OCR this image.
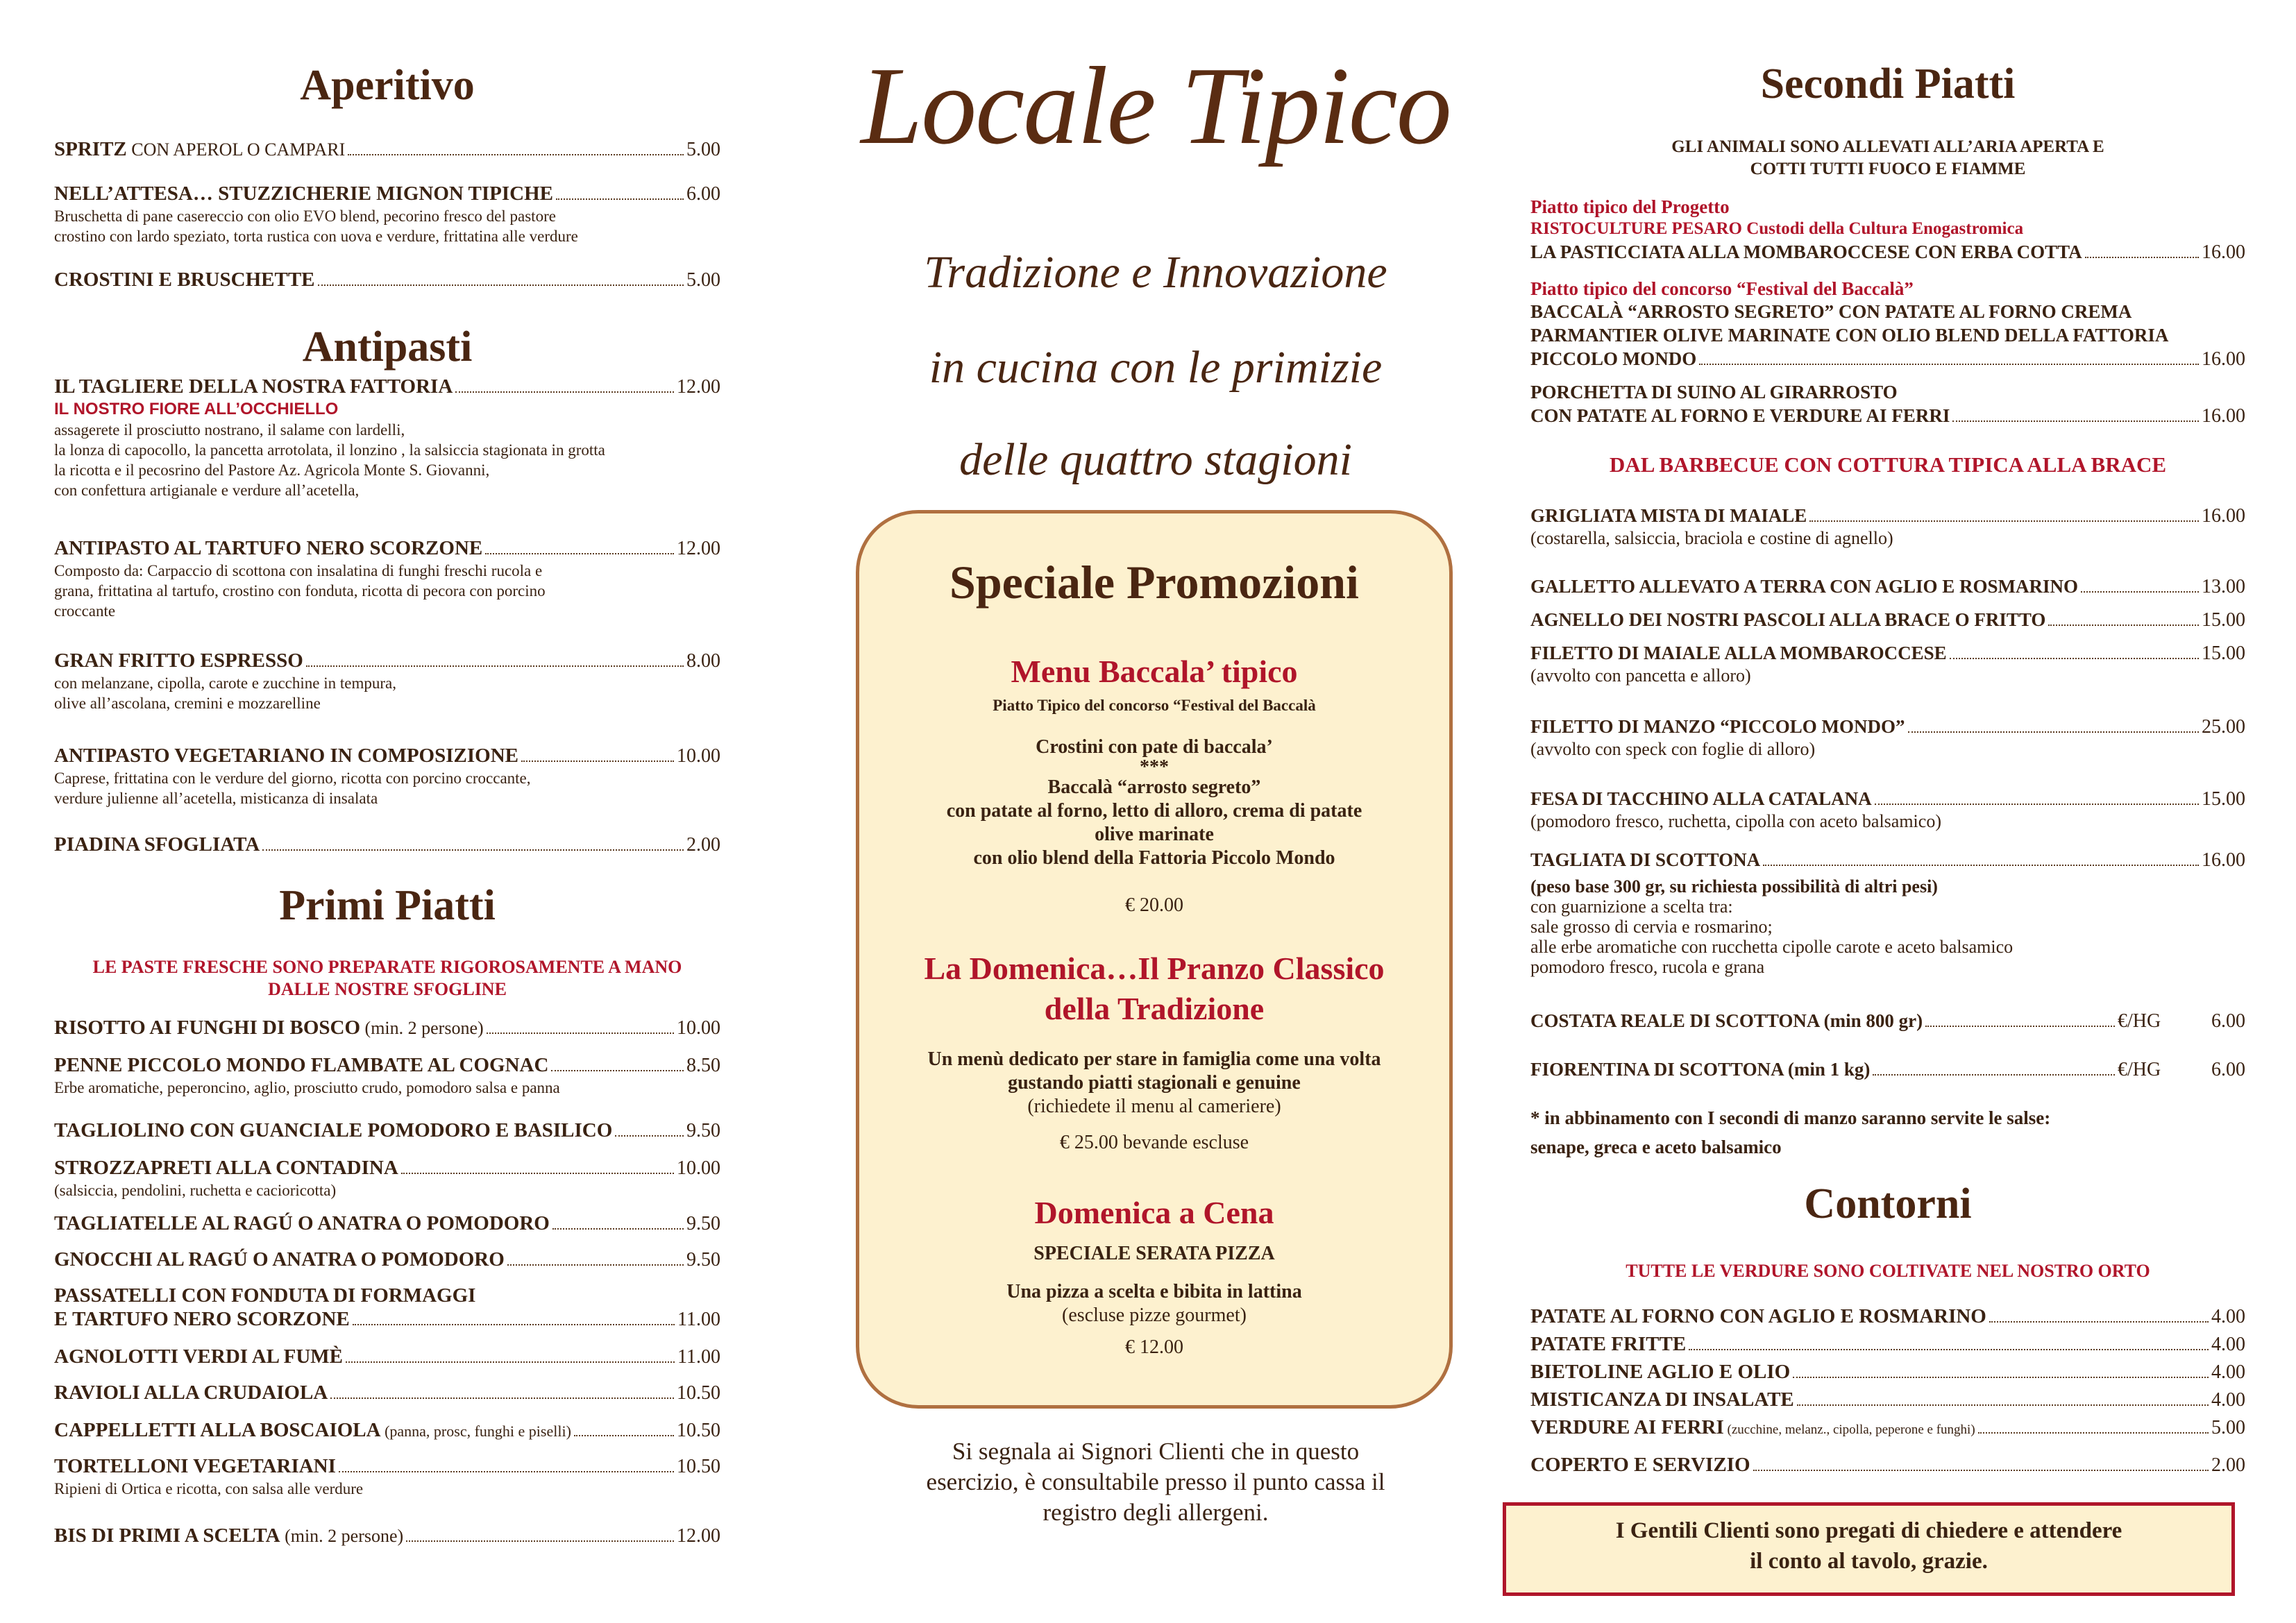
Aperitivo
SPRITZ CON APEROL O CAMPARI	5.00
NELL’ATTESA… STUZZICHERIE MIGNON TIPICHE	6.00
Bruschetta di pane casereccio con olio EVO blend, pecorino fresco del pastore
crostino con lardo speziato, torta rustica con uova e verdure, frittatina alle verdure
CROSTINI E BRUSCHETTE	5.00
Antipasti
IL TAGLIERE DELLA NOSTRA FATTORIA	12.00
IL NOSTRO FIORE ALL’OCCHIELLO
assagerete il prosciutto nostrano, il salame con lardelli,
la lonza di capocollo, la pancetta arrotolata, il lonzino , la salsiccia stagionata in grotta
la ricotta e il pecosrino del Pastore Az. Agricola Monte S. Giovanni,
con confettura artigianale e verdure all’acetella,
ANTIPASTO AL TARTUFO NERO SCORZONE	12.00
Composto da: Carpaccio di scottona con insalatina di funghi freschi rucola e
grana, frittatina al tartufo, crostino con fonduta, ricotta di pecora con porcino
croccante
GRAN FRITTO ESPRESSO	8.00
con melanzane, cipolla, carote e zucchine in tempura,
olive all’ascolana, cremini e mozzarelline
ANTIPASTO VEGETARIANO IN COMPOSIZIONE	10.00
Caprese, frittatina con le verdure del giorno, ricotta con porcino croccante,
verdure julienne all’acetella, misticanza di insalata
PIADINA SFOGLIATA	2.00
Primi Piatti
LE PASTE FRESCHE SONO PREPARATE RIGOROSAMENTE A MANO
DALLE NOSTRE SFOGLINE
RISOTTO AI FUNGHI DI BOSCO (min. 2 persone)	10.00
PENNE PICCOLO MONDO FLAMBATE AL COGNAC	8.50
Erbe aromatiche, peperoncino, aglio, prosciutto crudo, pomodoro salsa e panna
TAGLIOLINO CON GUANCIALE POMODORO E BASILICO	9.50
STROZZAPRETI ALLA CONTADINA	10.00
(salsiccia, pendolini, ruchetta e cacioricotta)
TAGLIATELLE AL RAGÚ O ANATRA O POMODORO	9.50
GNOCCHI AL RAGÚ O ANATRA O POMODORO	9.50
PASSATELLI CON FONDUTA DI FORMAGGI
E TARTUFO NERO SCORZONE	11.00
AGNOLOTTI VERDI AL FUMÈ	11.00
RAVIOLI ALLA CRUDAIOLA	10.50
CAPPELLETTI ALLA BOSCAIOLA (panna, prosc, funghi e piselli)	10.50
TORTELLONI VEGETARIANI	10.50
Ripieni di Ortica e ricotta, con salsa alle verdure
BIS DI PRIMI A SCELTA (min. 2 persone)	12.00
Locale Tipico
Tradizione e Innovazione
in cucina con le primizie
delle quattro stagioni
Speciale Promozioni
Menu Baccala’ tipico
Piatto Tipico del concorso “Festival del Baccalà
Crostini con pate di baccala’
***
Baccalà “arrosto segreto”
con patate al forno, letto di alloro, crema di patate
olive marinate
con olio blend della Fattoria Piccolo Mondo
€ 20.00
La Domenica…Il Pranzo Classico
della Tradizione
Un menù dedicato per stare in famiglia come una volta
gustando piatti stagionali e genuine
(richiedete il menu al cameriere)
€ 25.00 bevande escluse
Domenica a Cena
SPECIALE SERATA PIZZA
Una pizza a scelta e bibita in lattina
(escluse pizze gourmet)
€ 12.00
Si segnala ai Signori Clienti che in questo
esercizio, è consultabile presso il punto cassa il
registro degli allergeni.
Secondi Piatti
GLI ANIMALI SONO ALLEVATI ALL’ARIA APERTA E
COTTI TUTTI FUOCO E FIAMME
Piatto tipico del Progetto
RISTOCULTURE PESARO Custodi della Cultura Enogastromica
LA PASTICCIATA ALLA MOMBAROCCESE CON ERBA COTTA	16.00
Piatto tipico del concorso “Festival del Baccalà”
BACCALÀ “ARROSTO SEGRETO” CON PATATE AL FORNO CREMA
PARMANTIER OLIVE MARINATE CON OLIO BLEND DELLA FATTORIA
PICCOLO MONDO	16.00
PORCHETTA DI SUINO AL GIRARROSTO
CON PATATE AL FORNO E VERDURE AI FERRI	16.00
DAL BARBECUE CON COTTURA TIPICA ALLA BRACE
GRIGLIATA MISTA DI MAIALE	16.00
(costarella, salsiccia, braciola e costine di agnello)
GALLETTO ALLEVATO A TERRA CON AGLIO E ROSMARINO	13.00
AGNELLO DEI NOSTRI PASCOLI ALLA BRACE O FRITTO	15.00
FILETTO DI MAIALE ALLA MOMBAROCCESE	15.00
(avvolto con pancetta e alloro)
FILETTO DI MANZO “PICCOLO MONDO”	25.00
(avvolto con speck con foglie di alloro)
FESA DI TACCHINO ALLA CATALANA	15.00
(pomodoro fresco, ruchetta, cipolla con aceto balsamico)
TAGLIATA DI SCOTTONA	16.00
(peso base 300 gr, su richiesta possibilità di altri pesi)
con guarnizione a scelta tra:
sale grosso di cervia e rosmarino;
alle erbe aromatiche con rucchetta cipolle carote e aceto balsamico
pomodoro fresco, rucola e grana
COSTATA REALE DI SCOTTONA (min 800 gr)	€/HG	6.00
FIORENTINA DI SCOTTONA (min 1 kg)	€/HG	6.00
* in abbinamento con I secondi di manzo saranno servite le salse:
senape, greca e aceto balsamico
Contorni
TUTTE LE VERDURE SONO COLTIVATE NEL NOSTRO ORTO
PATATE AL FORNO CON AGLIO E ROSMARINO	4.00
PATATE FRITTE	4.00
BIETOLINE AGLIO E OLIO	4.00
MISTICANZA DI INSALATE	4.00
VERDURE AI FERRI (zucchine, melanz., cipolla, peperone e funghi)	5.00
COPERTO E SERVIZIO	2.00
I Gentili Clienti sono pregati di chiedere e attendere
il conto al tavolo, grazie.
